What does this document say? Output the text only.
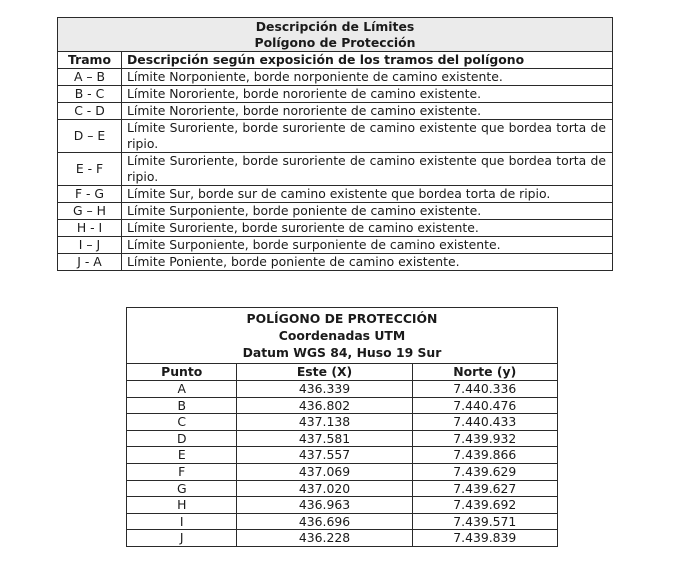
Descripción de Límites
Polígono de Protección	

Tramo	Descripción según exposición de los tramos del polígono
A – B	Límite Norponiente, borde norponiente de camino existente.
B - C	Límite Nororiente, borde nororiente de camino existente.
C - D	Límite Nororiente, borde nororiente de camino existente.
D – E	Límite Suroriente, borde suroriente de camino existente que bordea torta de ripio.
E - F	Límite Suroriente, borde suroriente de camino existente que bordea torta de ripio.
F - G	Límite Sur, borde sur de camino existente que bordea torta de ripio.
G – H	Límite Surponiente, borde poniente de camino existente.
H - I	Límite Suroriente, borde suroriente de camino existente.
I – J	Límite Surponiente, borde surponiente de camino existente.
J - A	Límite Poniente, borde poniente de camino existente.
POLÍGONO DE PROTECCIÓN
Coordenadas UTM
Datum WGS 84, Huso 19 Sur		

Punto	Este (X)	Norte (y)
A	436.339	7.440.336
B	436.802	7.440.476
C	437.138	7.440.433
D	437.581	7.439.932
E	437.557	7.439.866
F	437.069	7.439.629
G	437.020	7.439.627
H	436.963	7.439.692
I	436.696	7.439.571
J	436.228	7.439.839
